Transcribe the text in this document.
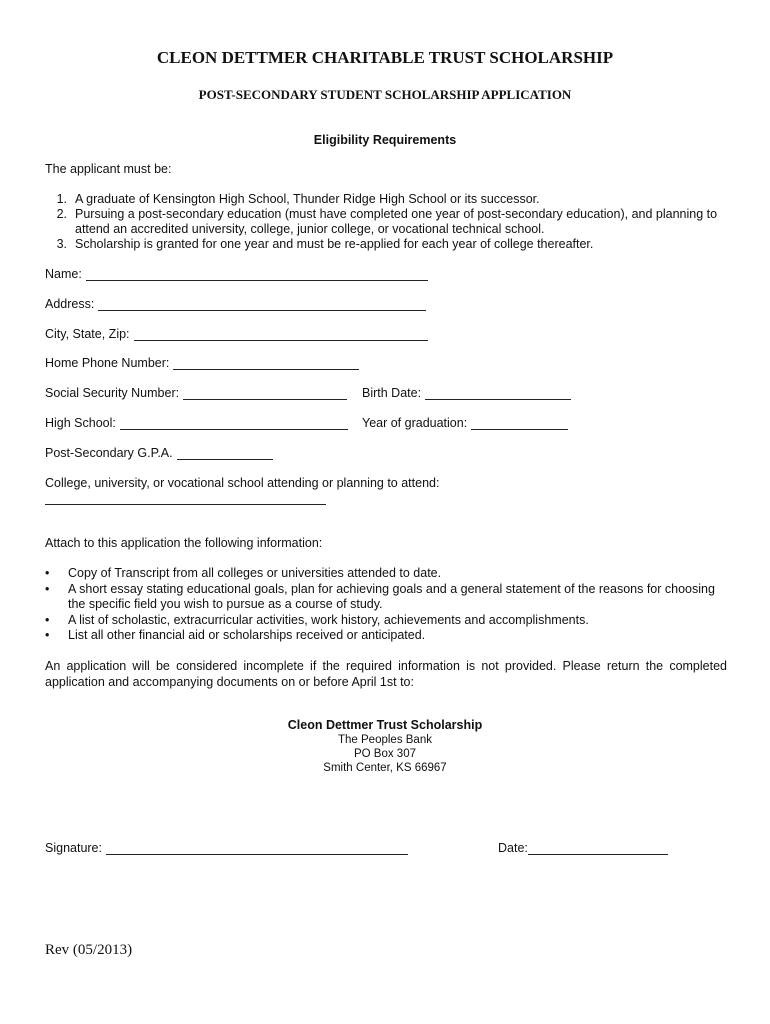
CLEON DETTMER CHARITABLE TRUST SCHOLARSHIP
POST-SECONDARY STUDENT SCHOLARSHIP APPLICATION
Eligibility Requirements
The applicant must be:
1. A graduate of Kensington High School, Thunder Ridge High School or its successor.
2. Pursuing a post-secondary education (must have completed one year of post-secondary education), and planning to attend an accredited university, college, junior college, or vocational technical school.
3. Scholarship is granted for one year and must be re-applied for each year of college thereafter.
Name:
Address:
City, State, Zip:
Home Phone Number:
Social Security Number:	Birth Date:
High School:	Year of graduation:
Post-Secondary G.P.A.
College, university, or vocational school attending or planning to attend:
Attach to this application the following information:
•	Copy of Transcript from all colleges or universities attended to date.
•	A short essay stating educational goals, plan for achieving goals and a general statement of the reasons for choosing the specific field you wish to pursue as a course of study.
•	A list of scholastic, extracurricular activities, work history, achievements and accomplishments.
•	List all other financial aid or scholarships received or anticipated.
An application will be considered incomplete if the required information is not provided. Please return the completed application and accompanying documents on or before April 1st to:
Cleon Dettmer Trust Scholarship
The Peoples Bank
PO Box 307
Smith Center, KS 66967
Signature:	Date:
Rev (05/2013)
